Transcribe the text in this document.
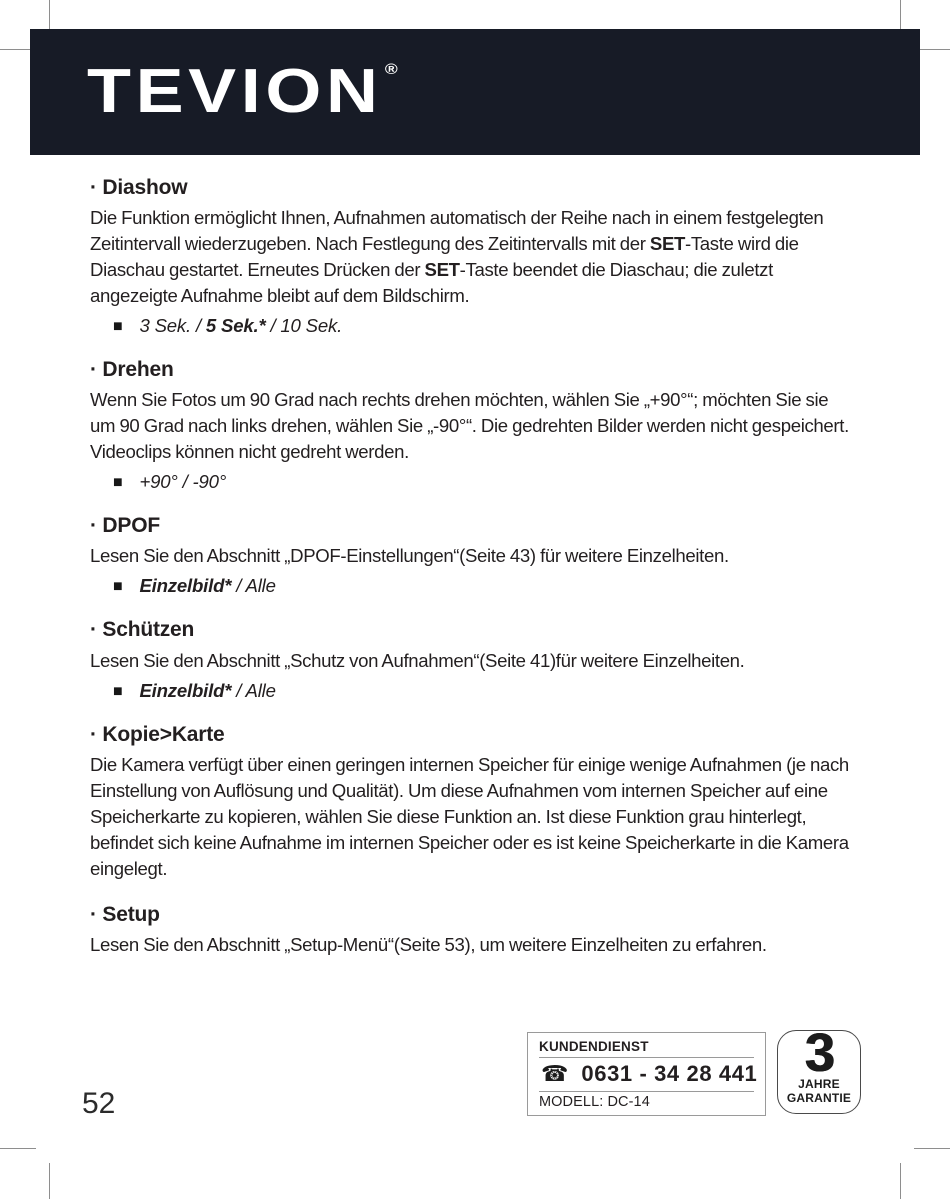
TEVION ®
· Diashow

Die Funktion ermöglicht Ihnen, Aufnahmen automatisch der Reihe nach in einem festgelegten Zeitintervall wiederzugeben. Nach Festlegung des Zeitintervalls mit der SET-Taste wird die Diaschau gestartet. Erneutes Drücken der SET-Taste beendet die Diaschau; die zuletzt angezeigte Aufnahme bleibt auf dem Bildschirm.

■ 3 Sek. / 5 Sek.* / 10 Sek.
· Drehen

Wenn Sie Fotos um 90 Grad nach rechts drehen möchten, wählen Sie „+90°“; möchten Sie sie um 90 Grad nach links drehen, wählen Sie „-90°“. Die gedrehten Bilder werden nicht gespeichert. Videoclips können nicht gedreht werden.

■ +90° / -90°
· DPOF

Lesen Sie den Abschnitt „DPOF-Einstellungen“(Seite 43) für weitere Einzelheiten.

■ Einzelbild* / Alle
· Schützen

Lesen Sie den Abschnitt „Schutz von Aufnahmen“(Seite 41)für weitere Einzelheiten.

■ Einzelbild* / Alle
· Kopie>Karte

Die Kamera verfügt über einen geringen internen Speicher für einige wenige Aufnahmen (je nach Einstellung von Auflösung und Qualität). Um diese Aufnahmen vom internen Speicher auf eine Speicherkarte zu kopieren, wählen Sie diese Funktion an. Ist diese Funktion grau hinterlegt, befindet sich keine Aufnahme im internen Speicher oder es ist keine Speicherkarte in die Kamera eingelegt.

· Setup

Lesen Sie den Abschnitt „Setup-Menü“(Seite 53), um weitere Einzelheiten zu erfahren.

KUNDENDIENST
☎ 0631 - 34 28 441
MODELL: DC-14
3
JAHRE
GARANTIE
52
